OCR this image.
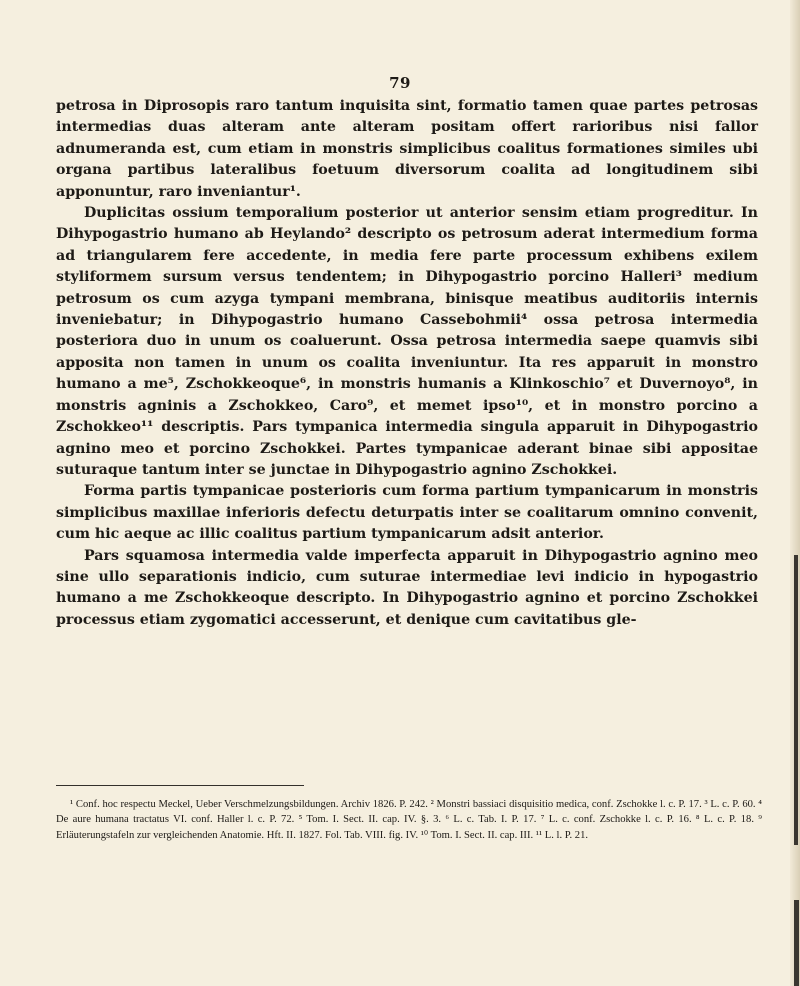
79

petrosa in Diprosopis raro tantum inquisita sint, formatio tamen quae partes petrosas intermedias duas alteram ante alteram positam offert rarioribus nisi fallor adnumeranda est, cum etiam in monstris simplicibus coalitus formationes similes ubi organa partibus lateralibus foetuum diversorum coalita ad longitudinem sibi apponuntur, raro inveniantur¹.

Duplicitas ossium temporalium posterior ut anterior sensim etiam progreditur. In Dihypogastrio humano ab Heylando² descripto os petrosum aderat intermedium forma ad triangularem fere accedente, in media fere parte processum exhibens exilem styliformem sursum versus tendentem; in Dihypogastrio porcino Halleri³ medium petrosum os cum azyga tympani membrana, binisque meatibus auditoriis internis inveniebatur; in Dihypogastrio humano Cassebohmii⁴ ossa petrosa intermedia posteriora duo in unum os coaluerunt. Ossa petrosa intermedia saepe quamvis sibi apposita non tamen in unum os coalita inveniuntur. Ita res apparuit in monstro humano a me⁵, Zschokkeoque⁶, in monstris humanis a Klinkoschio⁷ et Duvernoyo⁸, in monstris agninis a Zschokkeo, Caro⁹, et memet ipso¹⁰, et in monstro porcino a Zschokkeo¹¹ descriptis. Pars tympanica intermedia singula apparuit in Dihypogastrio agnino meo et porcino Zschokkei. Partes tympanicae aderant binae sibi appositae suturaque tantum inter se junctae in Dihypogastrio agnino Zschokkei.

Forma partis tympanicae posterioris cum forma partium tympanicarum in monstris simplicibus maxillae inferioris defectu deturpatis inter se coalitarum omnino convenit, cum hic aeque ac illic coalitus partium tympanicarum adsit anterior.

Pars squamosa intermedia valde imperfecta apparuit in Dihypogastrio agnino meo sine ullo separationis indicio, cum suturae intermediae levi indicio in hypogastrio humano a me Zschokkeoque descripto. In Dihypogastrio agnino et porcino Zschokkei processus etiam zygomatici accesserunt, et denique cum cavitatibus gle-

¹ Conf. hoc respectu Meckel, Ueber Verschmelzungsbildungen. Archiv 1826. P. 242. ² Monstri bassiaci disquisitio medica, conf. Zschokke l. c. P. 17. ³ L. c. P. 60. ⁴ De aure humana tractatus VI. conf. Haller l. c. P. 72. ⁵ Tom. I. Sect. II. cap. IV. §. 3. ⁶ L. c. Tab. I. P. 17. ⁷ L. c. conf. Zschokke l. c. P. 16. ⁸ L. c. P. 18. ⁹ Erläuterungstafeln zur vergleichenden Anatomie. Hft. II. 1827. Fol. Tab. VIII. fig. IV. ¹⁰ Tom. I. Sect. II. cap. III. ¹¹ L. l. P. 21.
